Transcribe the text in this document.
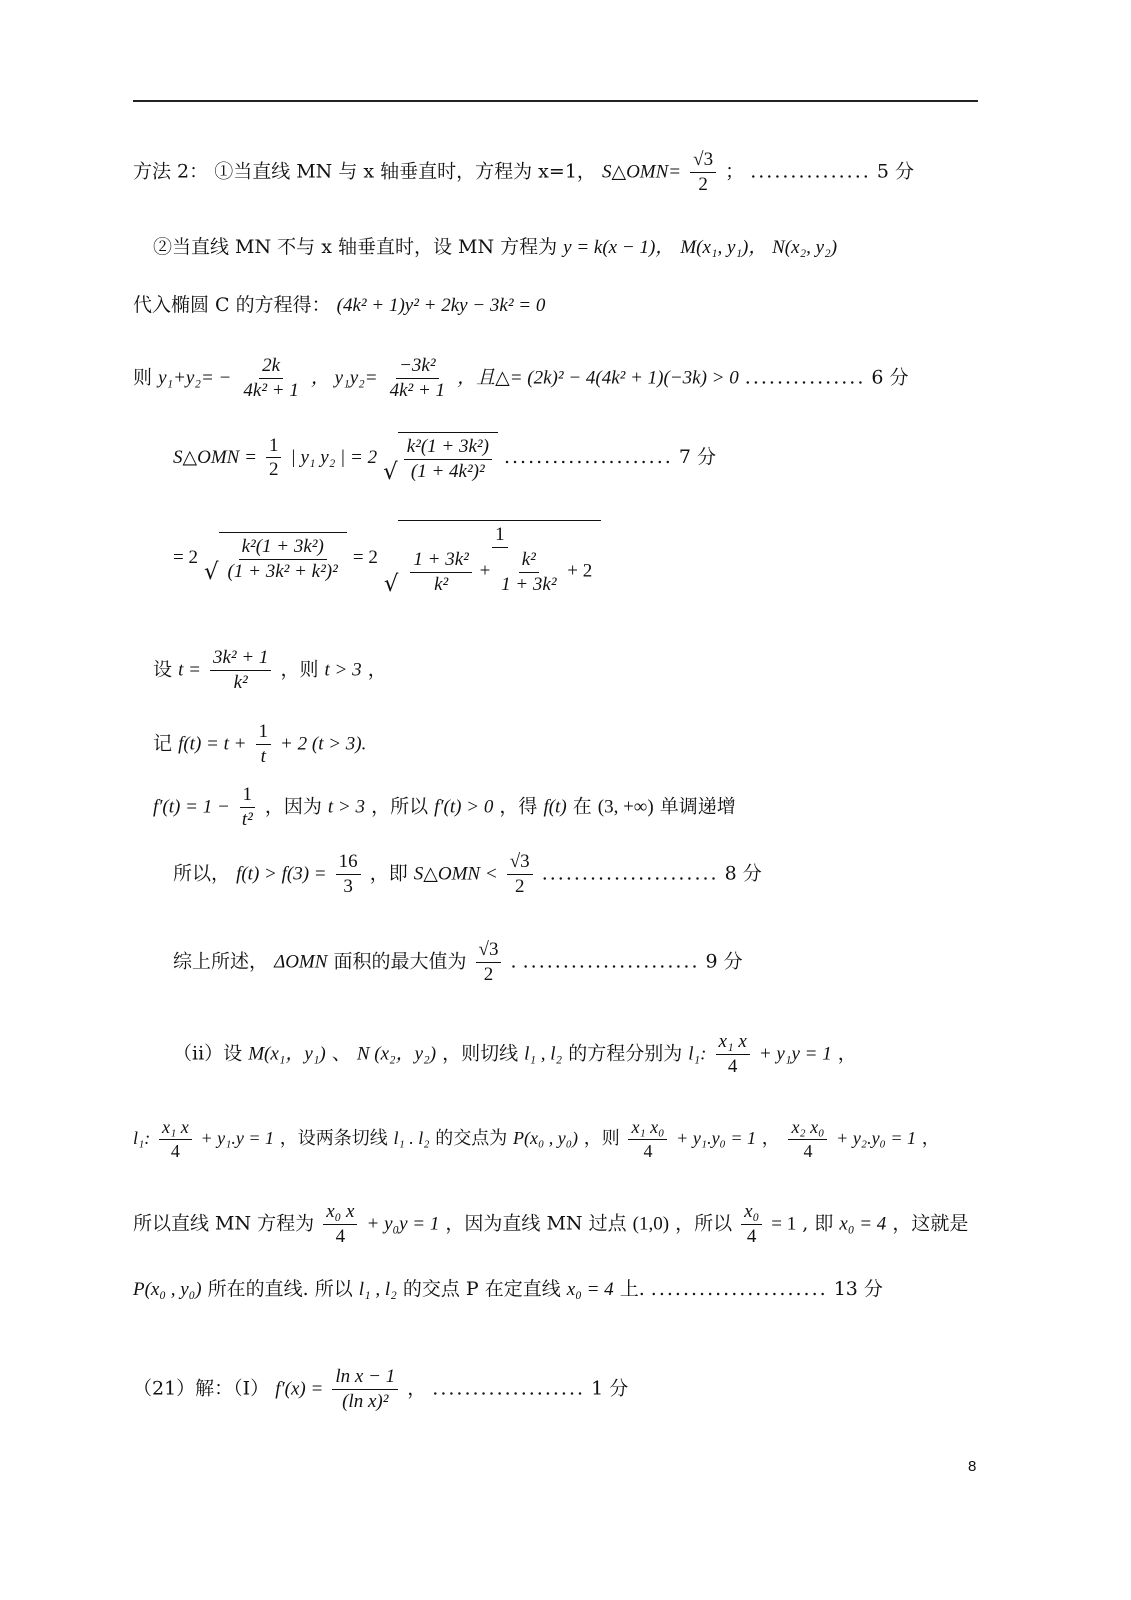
方法 2： ①当直线 MN 与 x 轴垂直时，方程为 x=1， S△OMN= $\frac{√3}{2}$ ； ............... 5 分
②当直线 MN 不与 x 轴垂直时，设 MN 方程为 y = k(x − 1)， M(x₁, y₁)， N(x₂, y₂)
代入椭圆 C 的方程得： (4k² + 1)y² + 2ky − 3k² = 0
则 $y_1+y_2= - \frac{2k}{\text{4k² + 1}}$ ， $y_1y_2= \frac{\text{−3k²}}{\text{4k² + 1}}$ ，且△= (2k)² − 4(4k² + 1)(−3k) > 0 ............... 6 分
S△OMN = $\frac{1}{2}$ | y₁ y₂ | = 2
√ $\frac{\text{k²(1 + 3k²)}}{\text{(1 + 4k²)²}}$ ..................... 7 分
= 2
√ $\frac{\text{k²(1 + 3k²)}}{\text{(1 + 3k² + k²)²}} = 2$
√
1
$\frac{\text{1 + 3k²}}{\text{k²}} + \frac{\text{k²}}{\text{1 + 3k²}} + 2$
设 $t = \frac{\text{3k² + 1}}{\text{k²}}$ ，则 t > 3 ，
记 $f(t) = t + \frac{1}{t} + 2$ (t > 3).
$f'(t) = 1 - \frac{1}{\text{t²}}$ ，因为 t > 3 ，所以 f′(t) > 0 ，得 f(t) 在 (3, +∞) 单调递增
所以， $f(t) > f(3) = \frac{16}{3}$ ，即 S△OMN < $\frac{√3}{2}$ ...................... 8 分
综上所述， ΔOMN 面积的最大值为 $\frac{√3}{2}$ . ...................... 9 分
（ii）设 M(x₁，y₁) 、 N (x₂，y₂) ，则切线 l₁ , l₂ 的方程分别为 l₁: $\frac{\text{x₁ x}}{4} + y_1y = 1$ ，
l₁: $\frac{\text{x₁ x}}{4} + y_1.y = 1$ ，设两条切线 l₁ . l₂ 的交点为 P(x₀ , y₀) ，则 $\frac{\text{x₁ x₀}}{4} + y_1.y_0 = 1$ ， $\frac{\text{x₂ x₀}}{4} + y_2.y_0 = 1$ ，
所以直线 MN 方程为 $\frac{\text{x₀ x}}{4} + y_0y = 1$ ，因为直线 MN 过点 (1,0) ，所以 $\frac{\text{x₀}}{4} = 1$ , 即 x₀ = 4 ，这就是
P(x₀ , y₀) 所在的直线. 所以 l₁ , l₂ 的交点 P 在定直线 x₀ = 4 上. ...................... 13 分
（21）解：（I） $f'(x) = \frac{\text{ln x − 1}}{\text{(ln x)²}}$ ， ................... 1 分
8
